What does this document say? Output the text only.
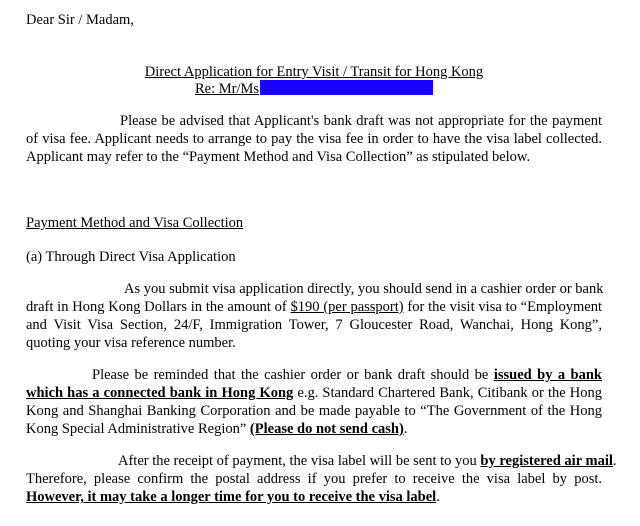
Dear Sir / Madam,
Direct Application for Entry Visit / Transit for Hong Kong
Re: Mr/Ms
Please be advised that Applicant's bank draft was not appropriate for the payment
of visa fee. Applicant needs to arrange to pay the visa fee in order to have the visa label collected.
Applicant may refer to the “Payment Method and Visa Collection” as stipulated below.
Payment Method and Visa Collection
(a) Through Direct Visa Application
As you submit visa application directly, you should send in a cashier order or bank
draft in Hong Kong Dollars in the amount of $190 (per passport) for the visit visa to “Employment
and Visit Visa Section, 24/F, Immigration Tower, 7 Gloucester Road, Wanchai, Hong Kong”,
quoting your visa reference number.
Please be reminded that the cashier order or bank draft should be issued by a bank
which has a connected bank in Hong Kong e.g. Standard Chartered Bank, Citibank or the Hong
Kong and Shanghai Banking Corporation and be made payable to “The Government of the Hong
Kong Special Administrative Region” (Please do not send cash).
After the receipt of payment, the visa label will be sent to you by registered air mail.
Therefore, please confirm the postal address if you prefer to receive the visa label by post.
However, it may take a longer time for you to receive the visa label.
